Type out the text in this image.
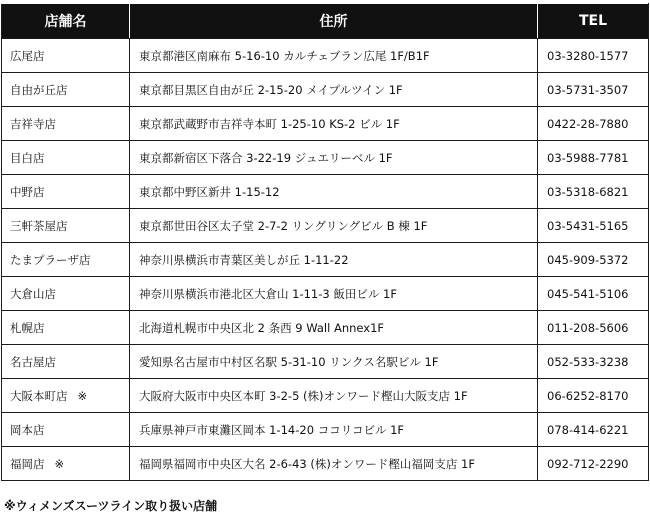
店舗名	住所	TEL
広尾店	東京都港区南麻布 5-16-10 カルチェブラン広尾 1F/B1F	03-3280-1577
自由が丘店	東京都目黒区自由が丘 2-15-20 メイプルツイン 1F	03-5731-3507
吉祥寺店	東京都武蔵野市吉祥寺本町 1-25-10 KS-2 ビル 1F	0422-28-7880
目白店	東京都新宿区下落合 3-22-19 ジュエリーベル 1F	03-5988-7781
中野店	東京都中野区新井 1-15-12	03-5318-6821
三軒茶屋店	東京都世田谷区太子堂 2-7-2 リングリングビル B 棟 1F	03-5431-5165
たまプラーザ店	神奈川県横浜市青葉区美しが丘 1-11-22	045-909-5372
大倉山店	神奈川県横浜市港北区大倉山 1-11-3 飯田ビル 1F	045-541-5106
札幌店	北海道札幌市中央区北 2 条西 9 Wall Annex1F	011-208-5606
名古屋店	愛知県名古屋市中村区名駅 5-31-10 リンクス名駅ビル 1F	052-533-3238
大阪本町店 ※	大阪府大阪市中央区本町 3-2-5 (株)オンワード樫山大阪支店 1F	06-6252-8170
岡本店	兵庫県神戸市東灘区岡本 1-14-20 ココリコビル 1F	078-414-6221
福岡店 ※	福岡県福岡市中央区大名 2-6-43 (株)オンワード樫山福岡支店 1F	092-712-2290
※ウィメンズスーツライン取り扱い店舗
